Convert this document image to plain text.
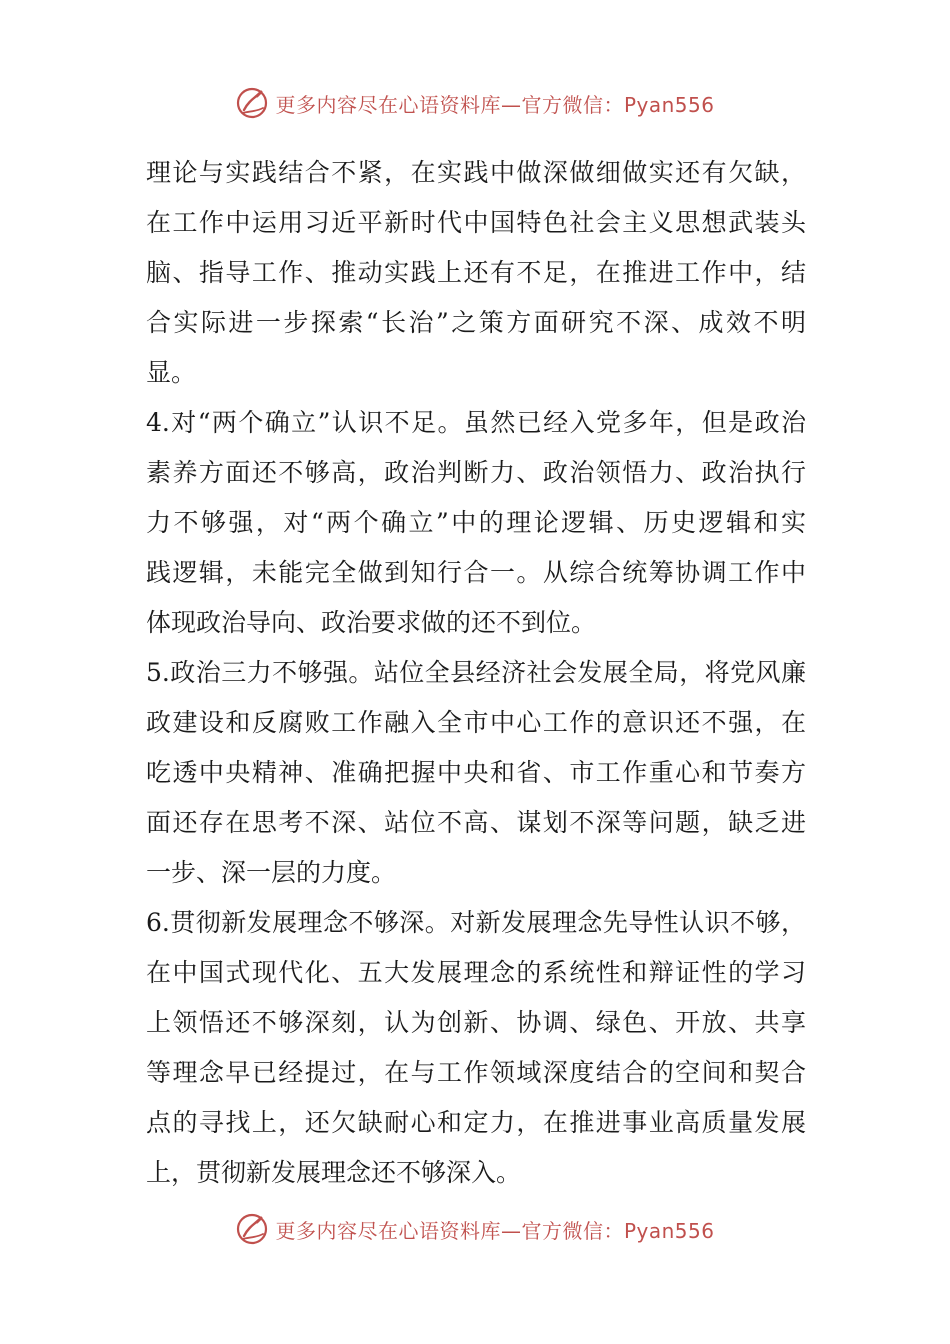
更多内容尽在心语资料库—官方微信：Pyan556
理论与实践结合不紧，在实践中做深做细做实还有欠缺，
在工作中运用习近平新时代中国特色社会主义思想武装头
脑、指导工作、推动实践上还有不足，在推进工作中，结
合实际进一步探索“长治”之策方面研究不深、成效不明
显。
4.对“两个确立”认识不足。虽然已经入党多年，但是政治
素养方面还不够高，政治判断力、政治领悟力、政治执行
力不够强，对“两个确立”中的理论逻辑、历史逻辑和实
践逻辑，未能完全做到知行合一。从综合统筹协调工作中
体现政治导向、政治要求做的还不到位。
5.政治三力不够强。站位全县经济社会发展全局，将党风廉
政建设和反腐败工作融入全市中心工作的意识还不强，在
吃透中央精神、准确把握中央和省、市工作重心和节奏方
面还存在思考不深、站位不高、谋划不深等问题，缺乏进
一步、深一层的力度。
6.贯彻新发展理念不够深。对新发展理念先导性认识不够，
在中国式现代化、五大发展理念的系统性和辩证性的学习
上领悟还不够深刻，认为创新、协调、绿色、开放、共享
等理念早已经提过，在与工作领域深度结合的空间和契合
点的寻找上，还欠缺耐心和定力，在推进事业高质量发展
上，贯彻新发展理念还不够深入。
更多内容尽在心语资料库—官方微信：Pyan556
